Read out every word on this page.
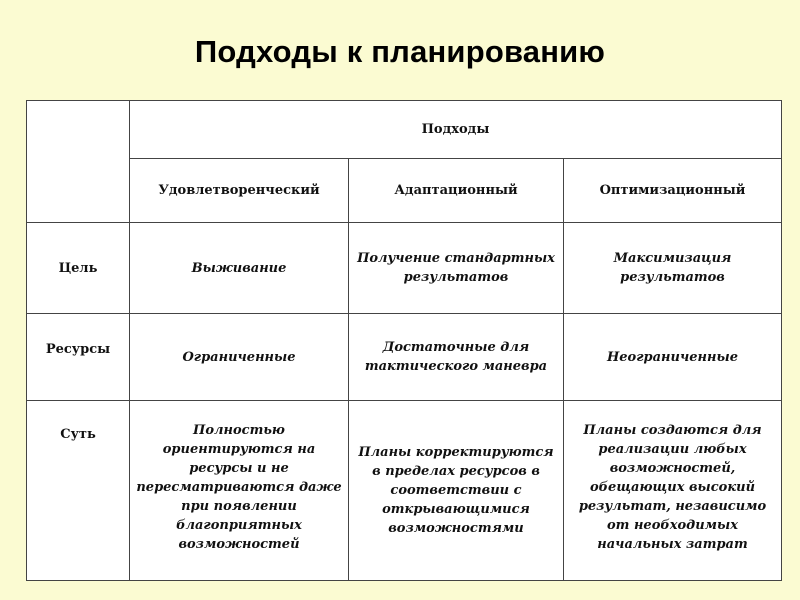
Подходы к планированию
	Подходы		
	Удовлетворенческий	Адаптационный	Оптимизационный
Цель	Выживание	Получение стандартных результатов	Максимизация результатов
Ресурсы	Ограниченные	Достаточные для тактического маневра	Неограниченные
Суть	Полностью ориентируются на ресурсы и не пересматриваются даже при появлении благоприятных возможностей	Планы корректируются в пределах ресурсов в соответствии с открывающимися возможностями	Планы создаются для реализации любых возможностей, обещающих высокий результат, независимо от необходимых начальных затрат
